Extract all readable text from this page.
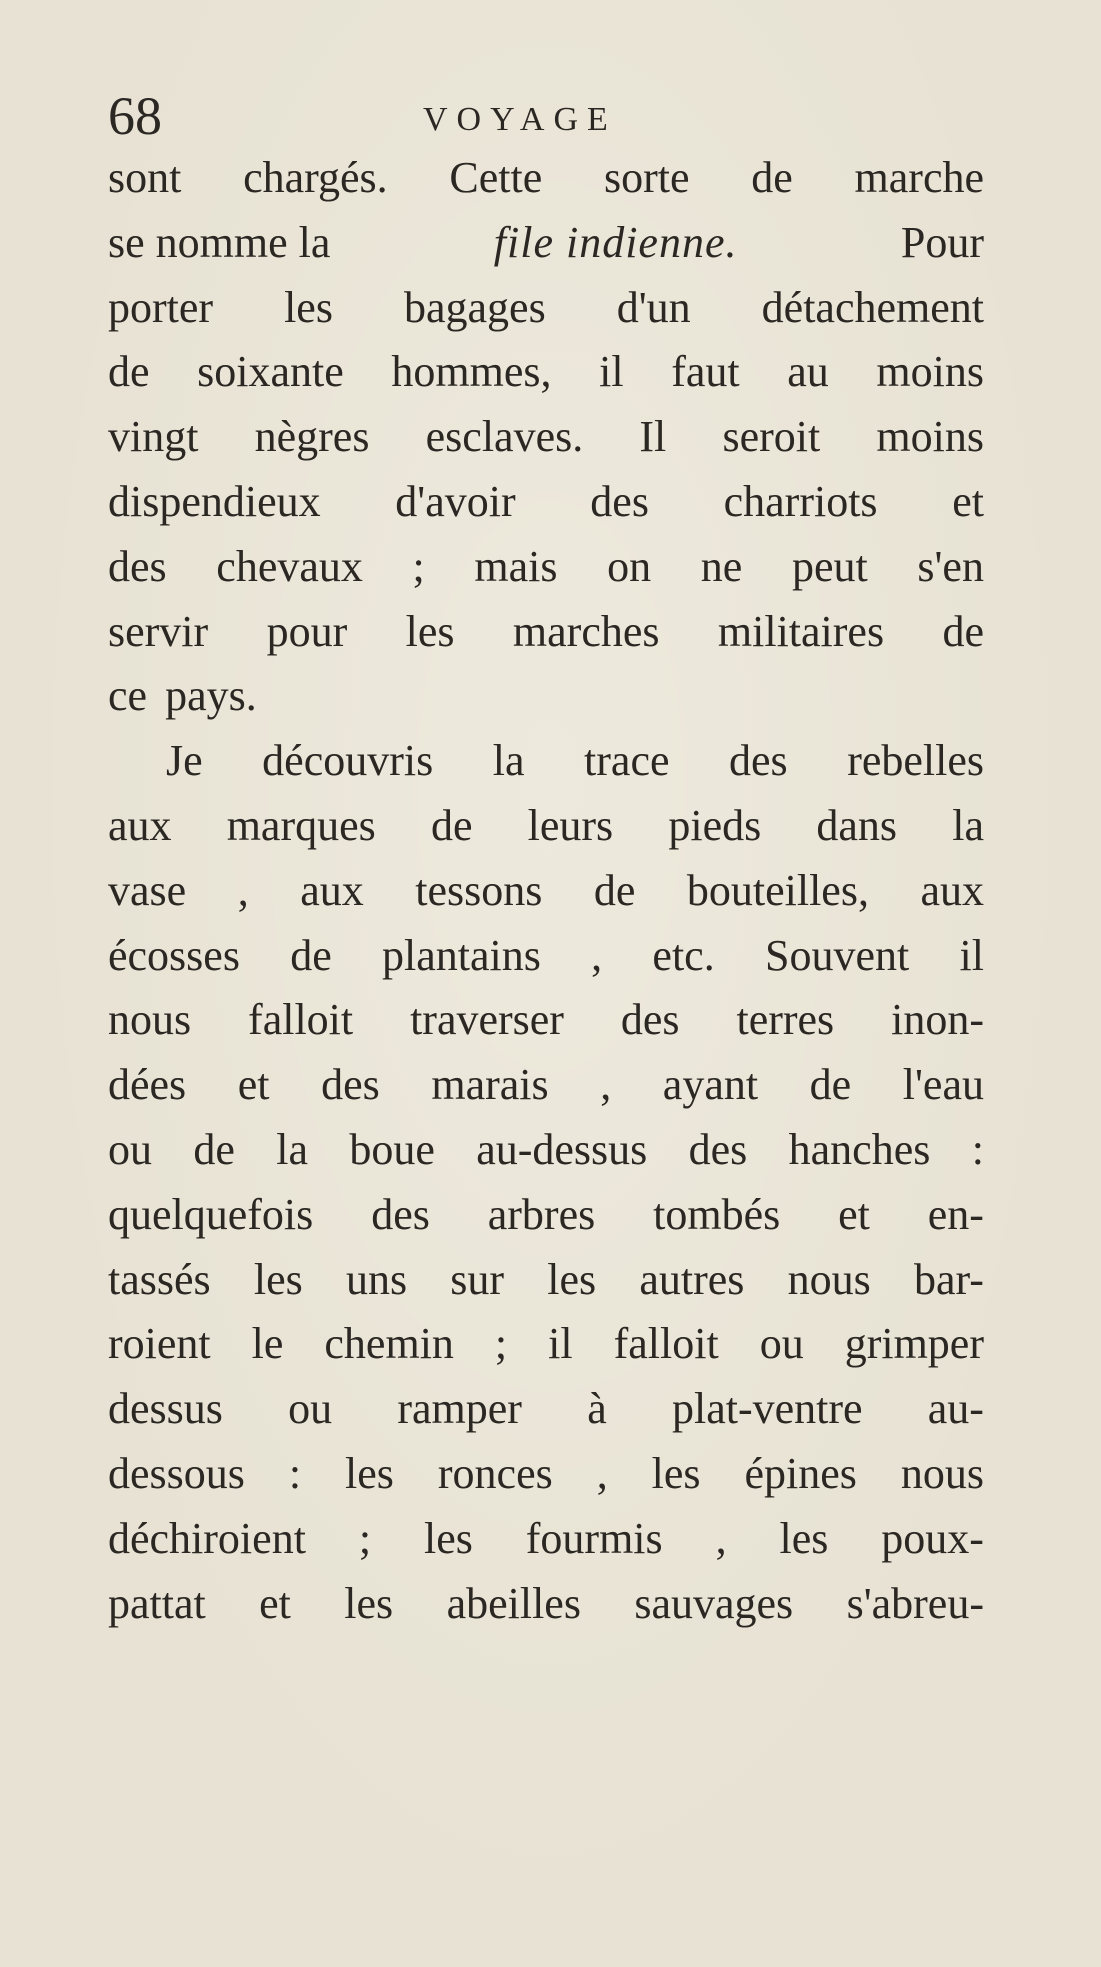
68	VOYAGE
sont chargés. Cette sorte de marche
se nomme la	file indienne.	Pour
porter les bagages d'un détachement
de soixante hommes, il faut au moins
vingt nègres esclaves. Il seroit moins
dispendieux d'avoir des charriots et
des chevaux ; mais on ne peut s'en
servir pour les marches militaires de
ce pays.
Je découvris la trace des rebelles
aux marques de leurs pieds dans la
vase , aux tessons de bouteilles, aux
écosses de plantains , etc. Souvent il
nous falloit traverser des terres inon-
dées et des marais , ayant de l'eau
ou de la boue au-dessus des hanches :
quelquefois des arbres tombés et en-
tassés les uns sur les autres nous bar-
roient le chemin ; il falloit ou grimper
dessus ou ramper à plat-ventre au-
dessous : les ronces , les épines nous
déchiroient ; les fourmis , les poux-
pattat et les abeilles sauvages s'abreu-
